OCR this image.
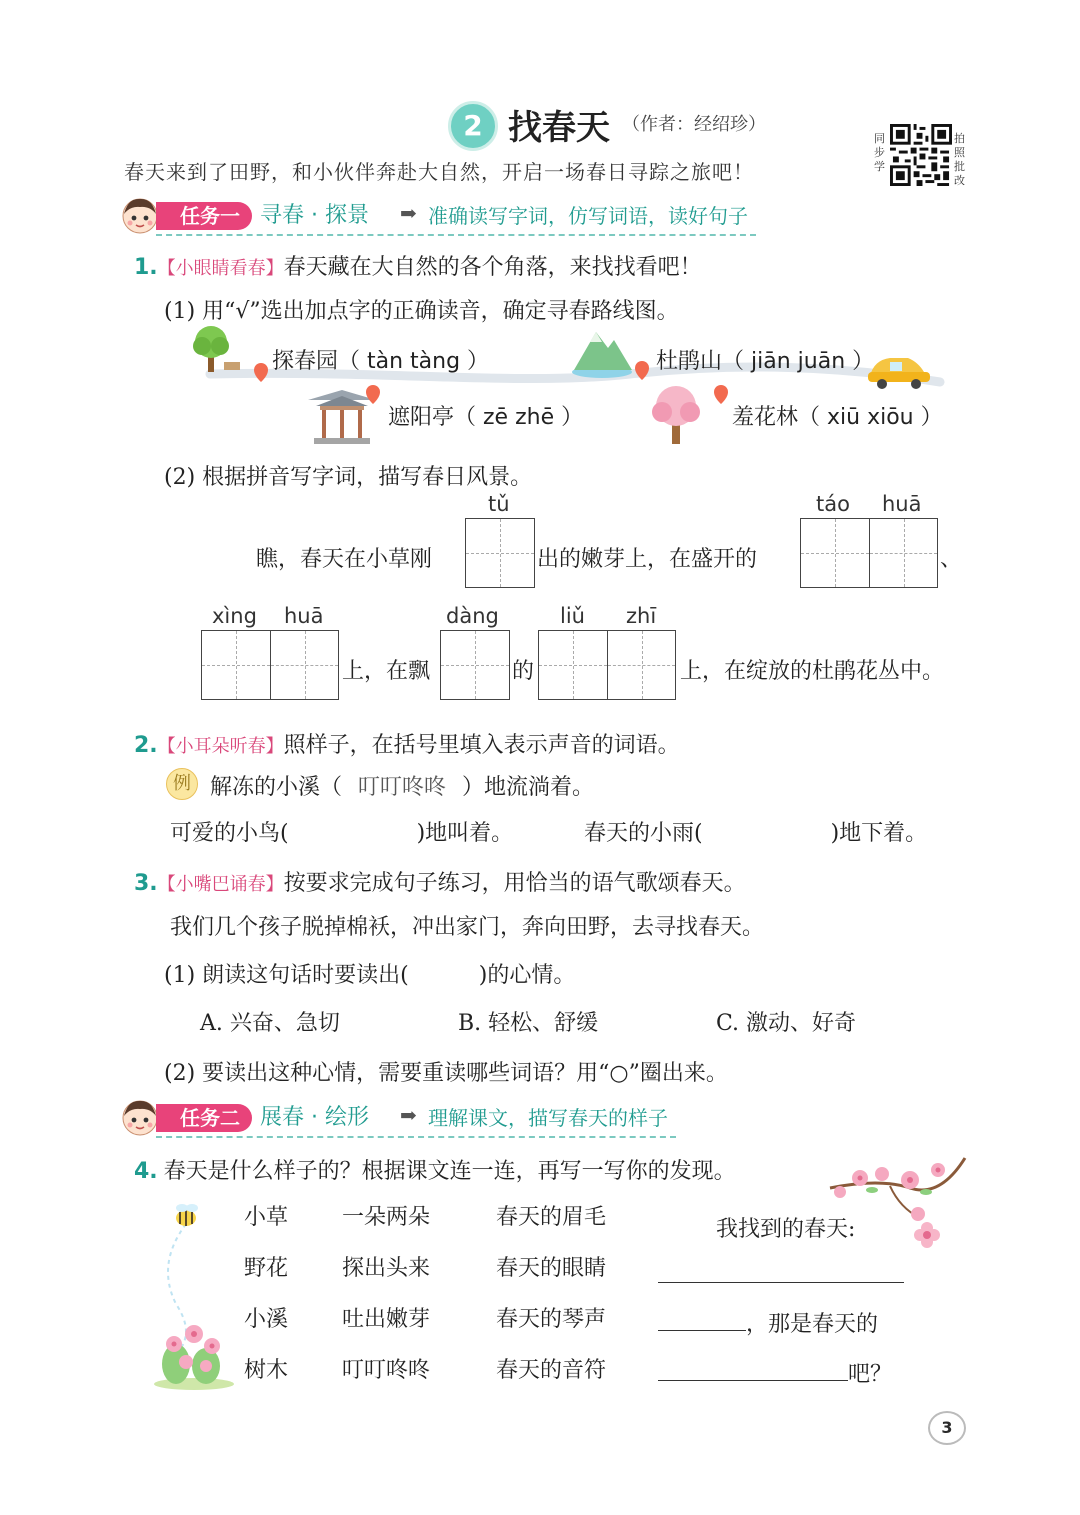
2 找春天 （作者：经绍珍）
同步学
拍照批改
春天来到了田野，和小伙伴奔赴大自然，开启一场春日寻踪之旅吧！
任务一 寻春 · 探景 ➡ 准确读写字词，仿写词语，读好句子
1.【小眼睛看春】春天藏在大自然的各个角落，来找找看吧！
(1) 用“√”选出加点字的正确读音，确定寻春路线图。
探春园（ tàn tàng ）	杜鹃山（ jiān juān ）
遮阳亭（ zē zhē ）	羞花林（ xiū xiōu ）
(2) 根据拼音写字词，描写春日风景。
tǔ	táo huā
瞧，春天在小草刚	出的嫩芽上，在盛开的	、
xìng huā	dàng	liǔ zhī
上，在飘	的	上，在绽放的杜鹃花丛中。
2.【小耳朵听春】照样子，在括号里填入表示声音的词语。
例 解冻的小溪（ 叮叮咚咚 ）地流淌着。
可爱的小鸟(	)地叫着。	春天的小雨(	)地下着。
3.【小嘴巴诵春】按要求完成句子练习，用恰当的语气歌颂春天。
我们几个孩子脱掉棉袄，冲出家门，奔向田野，去寻找春天。
(1) 朗读这句话时要读出(	)的心情。
A. 兴奋、急切	B. 轻松、舒缓	C. 激动、好奇
(2) 要读出这种心情，需要重读哪些词语？用“○”圈出来。
任务二 展春 · 绘形 ➡ 理解课文，描写春天的样子
4. 春天是什么样子的？根据课文连一连，再写一写你的发现。
小草
野花
小溪
树木
一朵两朵
探出头来
吐出嫩芽
叮叮咚咚
春天的眉毛
春天的眼睛
春天的琴声
春天的音符
我找到的春天:
，那是春天的
吧？
3
